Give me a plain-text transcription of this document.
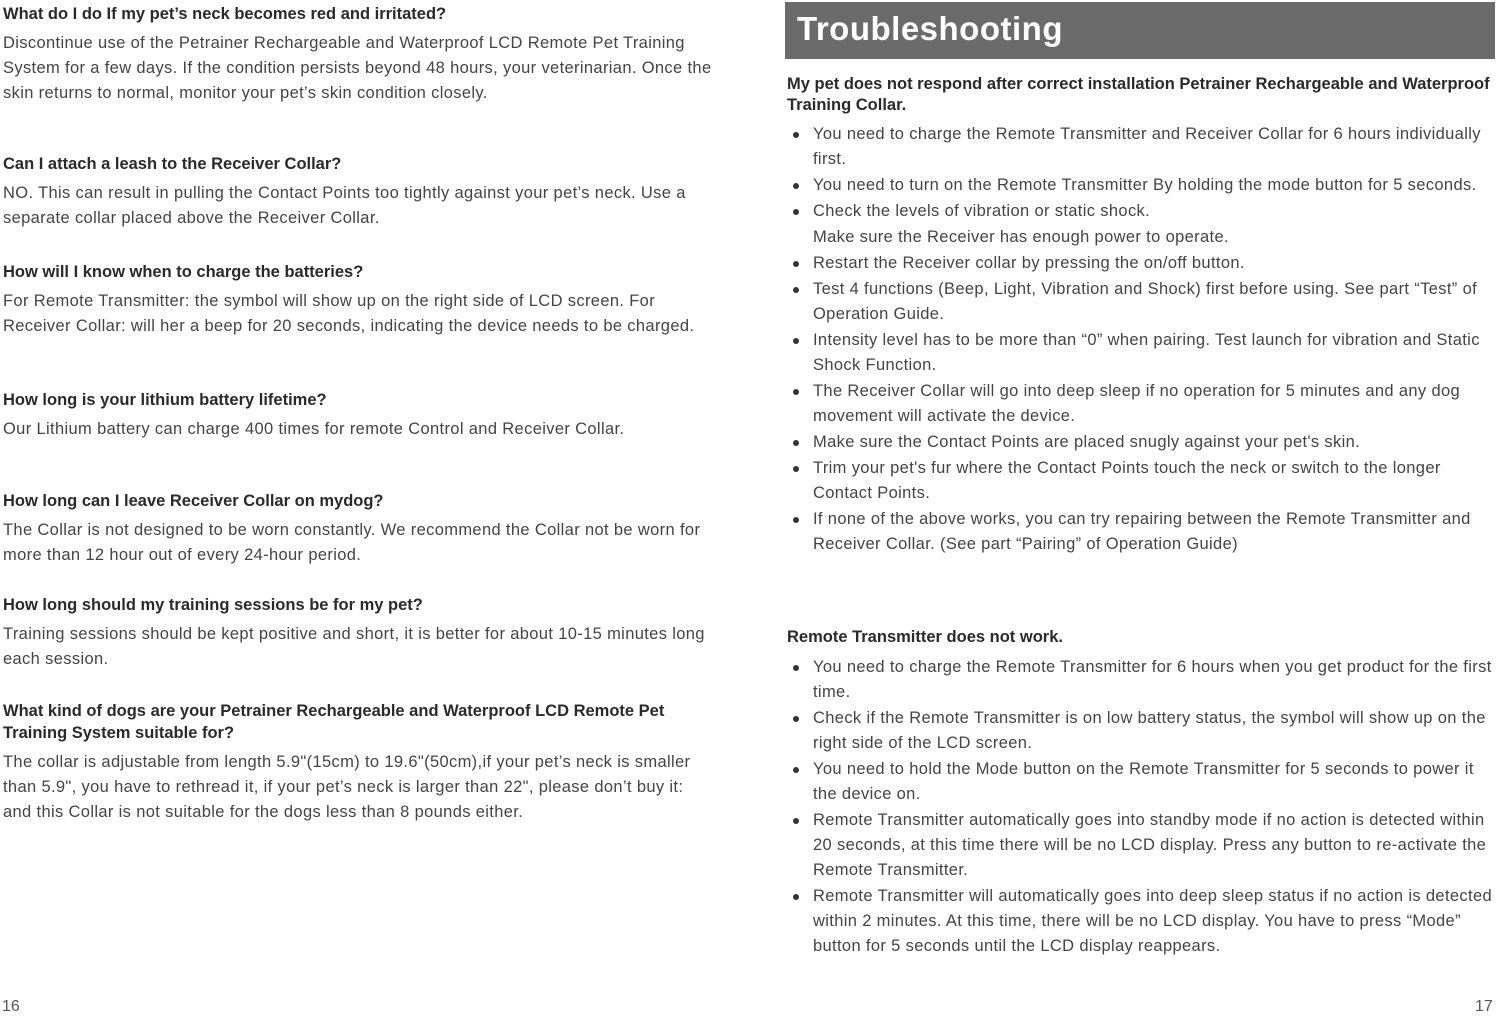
What do I do If my pet’s neck becomes red and irritated?

Discontinue use of the Petrainer Rechargeable and Waterproof LCD Remote Pet Training System for a few days. If the condition persists beyond 48 hours, your veterinarian. Once the skin returns to normal, monitor your pet’s skin condition closely.

Can I attach a leash to the Receiver Collar?

NO. This can result in pulling the Contact Points too tightly against your pet’s neck. Use a separate collar placed above the Receiver Collar.

How will I know when to charge the batteries?

For Remote Transmitter: the symbol will show up on the right side of LCD screen. For Receiver Collar: will her a beep for 20 seconds, indicating the device needs to be charged.

How long is your lithium battery lifetime?

Our Lithium battery can charge 400 times for remote Control and Receiver Collar.

How long can I leave Receiver Collar on mydog?

The Collar is not designed to be worn constantly. We recommend the Collar not be worn for more than 12 hour out of every 24-hour period.

How long should my training sessions be for my pet?

Training sessions should be kept positive and short, it is better for about 10-15 minutes long each session.

What kind of dogs are your Petrainer Rechargeable and Waterproof LCD Remote Pet Training System suitable for?

The collar is adjustable from length 5.9"(15cm) to 19.6"(50cm),if your pet’s neck is smaller than 5.9", you have to rethread it, if your pet’s neck is larger than 22", please don’t buy it: and this Collar is not suitable for the dogs less than 8 pounds either.

16
Troubleshooting

My pet does not respond after correct installation Petrainer Rechargeable and Waterproof Training Collar.

You need to charge the Remote Transmitter and Receiver Collar for 6 hours individually first.
You need to turn on the Remote Transmitter By holding the mode button for 5 seconds.
Check the levels of vibration or static shock.
Make sure the Receiver has enough power to operate.
Restart the Receiver collar by pressing the on/off button.
Test 4 functions (Beep, Light, Vibration and Shock) first before using. See part “Test” of Operation Guide.
Intensity level has to be more than “0” when pairing. Test launch for vibration and Static Shock Function.
The Receiver Collar will go into deep sleep if no operation for 5 minutes and any dog movement will activate the device.
Make sure the Contact Points are placed snugly against your pet's skin.
Trim your pet's fur where the Contact Points touch the neck or switch to the longer Contact Points.
If none of the above works, you can try repairing between the Remote Transmitter and Receiver Collar. (See part “Pairing” of Operation Guide)

Remote Transmitter does not work.

You need to charge the Remote Transmitter for 6 hours when you get product for the first time.
Check if the Remote Transmitter is on low battery status, the symbol will show up on the right side of the LCD screen.
You need to hold the Mode button on the Remote Transmitter for 5 seconds to power it the device on.
Remote Transmitter automatically goes into standby mode if no action is detected within 20 seconds, at this time there will be no LCD display. Press any button to re-activate the Remote Transmitter.
Remote Transmitter will automatically goes into deep sleep status if no action is detected within 2 minutes. At this time, there will be no LCD display. You have to press “Mode” button for 5 seconds until the LCD display reappears.
17
